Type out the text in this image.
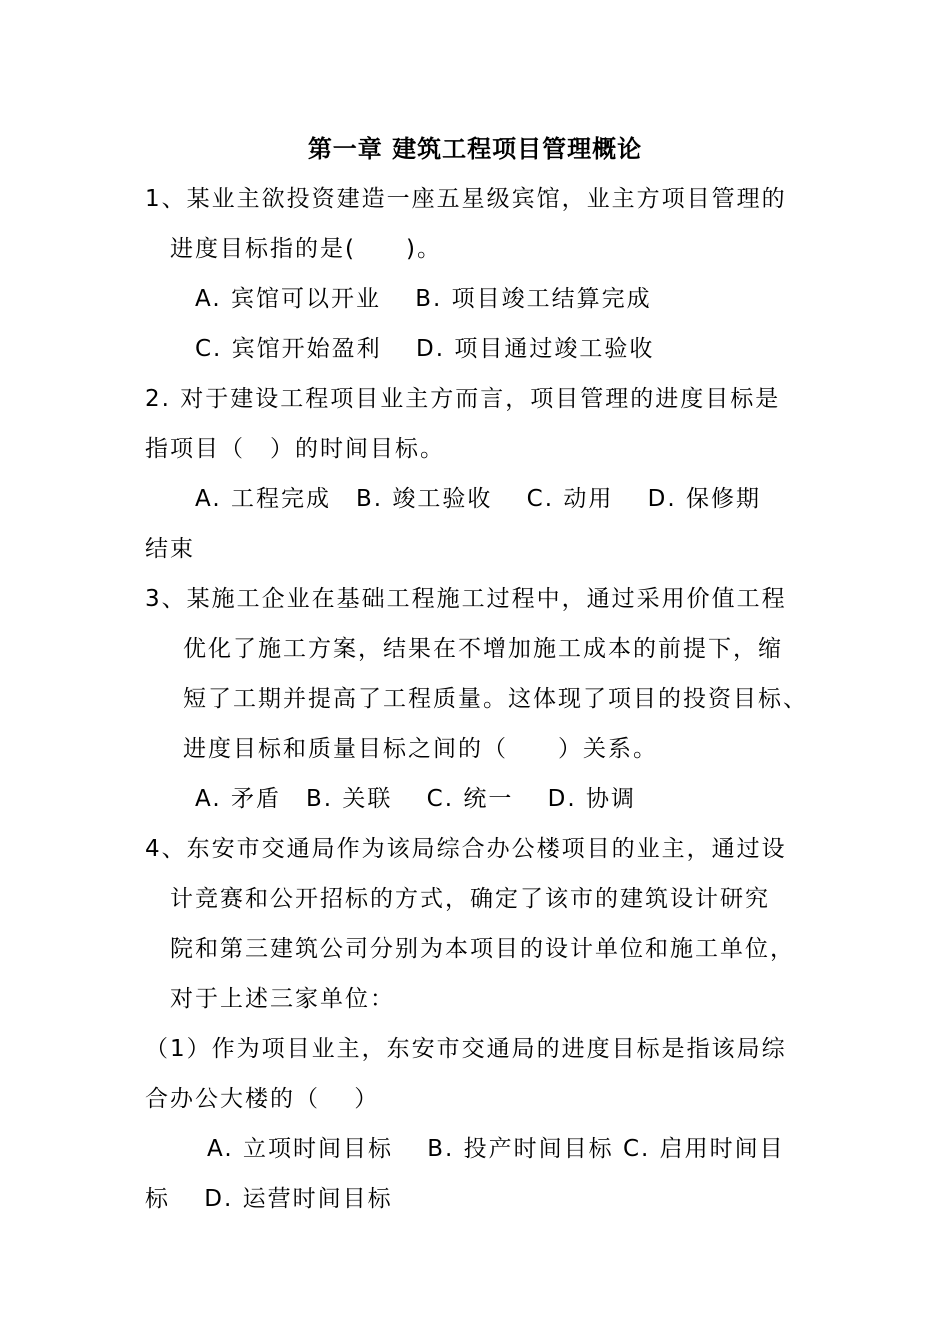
第一章 建筑工程项目管理概论
1、某业主欲投资建造一座五星级宾馆，业主方项目管理的
进度目标指的是(　　)。
A. 宾馆可以开业　 B. 项目竣工结算完成
C. 宾馆开始盈利　 D. 项目通过竣工验收
2. 对于建设工程项目业主方而言，项目管理的进度目标是
指项目（　）的时间目标。
A. 工程完成　B. 竣工验收　 C. 动用　 D. 保修期
结束
3、某施工企业在基础工程施工过程中，通过采用价值工程
优化了施工方案，结果在不增加施工成本的前提下，缩
短了工期并提高了工程质量。这体现了项目的投资目标、
进度目标和质量目标之间的（　　）关系。
A. 矛盾　B. 关联　 C. 统一　 D. 协调
4、东安市交通局作为该局综合办公楼项目的业主，通过设
计竞赛和公开招标的方式，确定了该市的建筑设计研究
院和第三建筑公司分别为本项目的设计单位和施工单位，
对于上述三家单位：
（1）作为项目业主，东安市交通局的进度目标是指该局综
合办公大楼的（　 ）
A. 立项时间目标　 B. 投产时间目标 C. 启用时间目
标　 D. 运营时间目标
